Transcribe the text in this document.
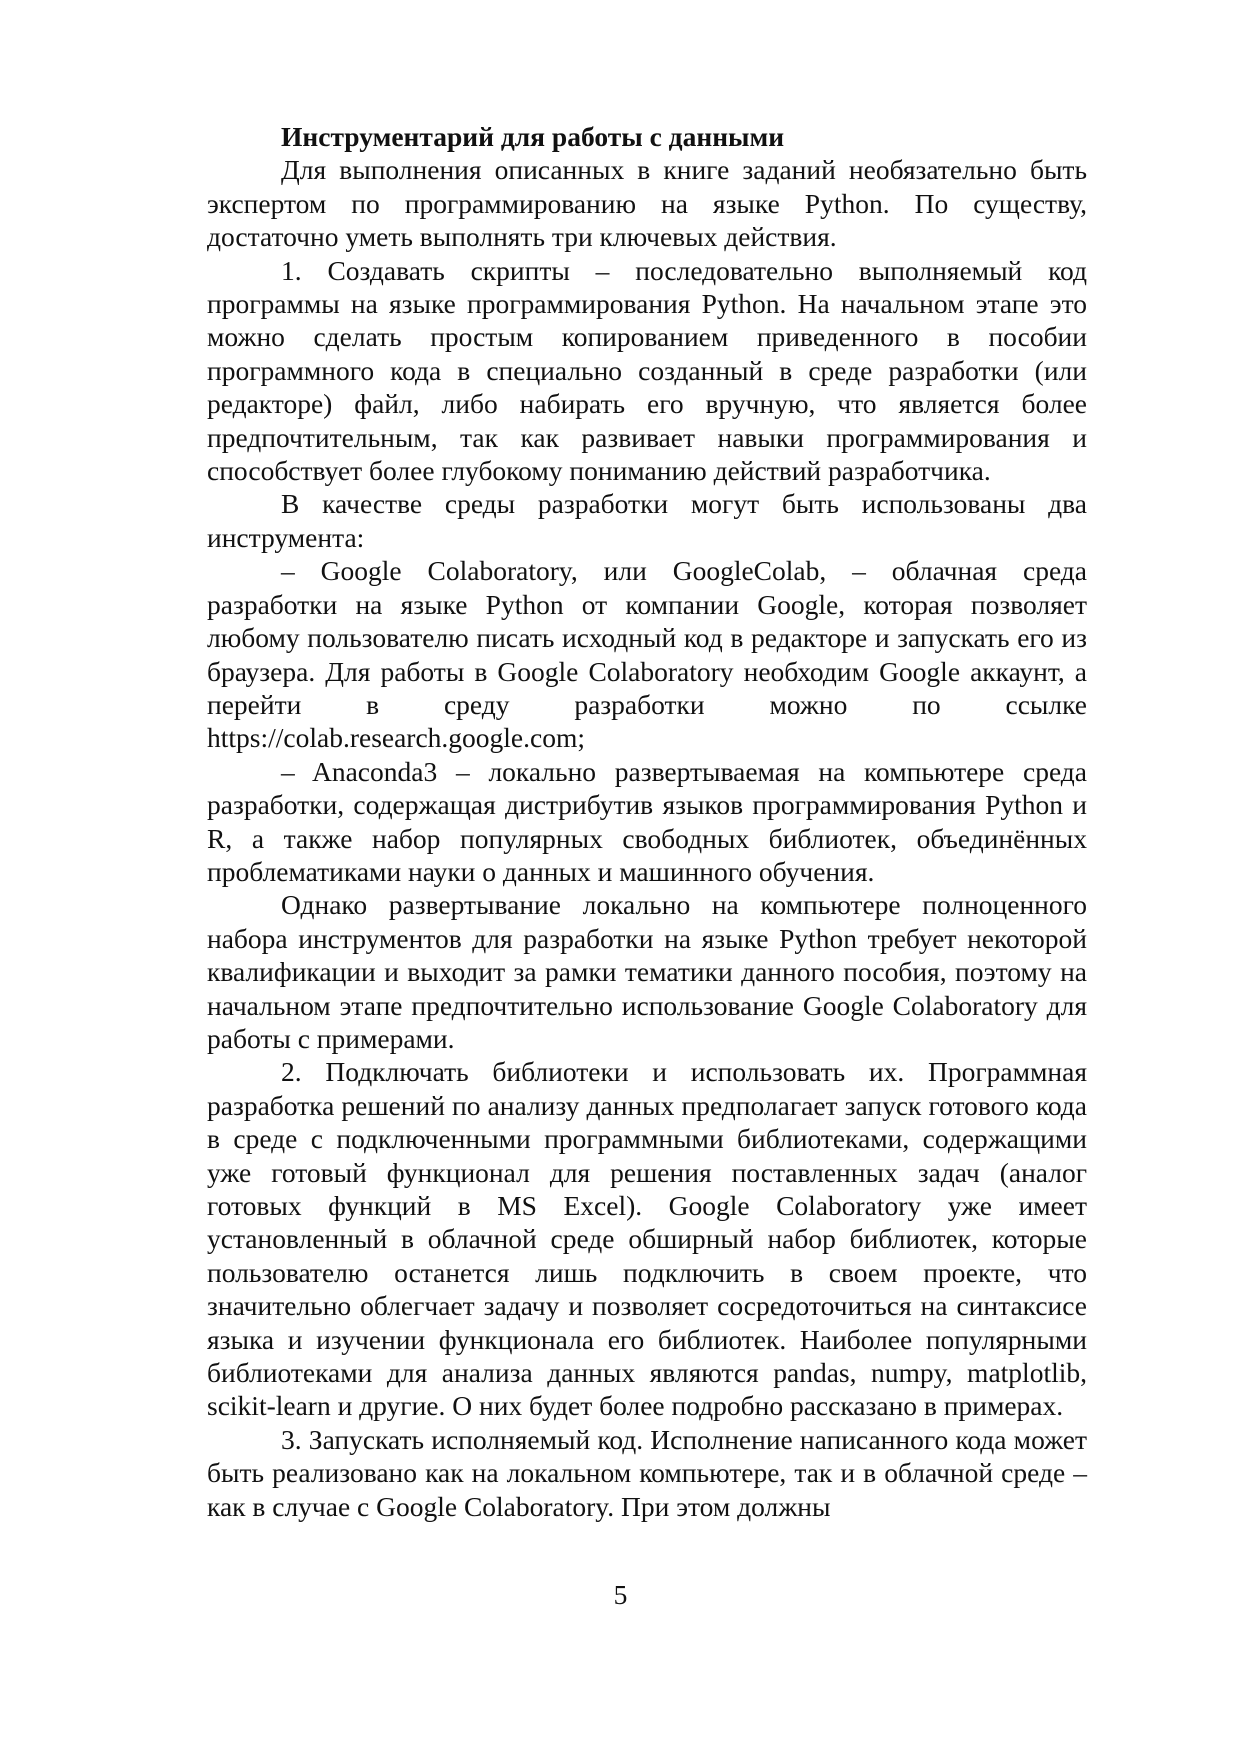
Инструментарий для работы с данными

Для выполнения описанных в книге заданий необязательно быть экспертом по программированию на языке Python. По существу, достаточно уметь выполнять три ключевых действия.

1. Создавать скрипты – последовательно выполняемый код программы на языке программирования Python. На начальном этапе это можно сделать простым копированием приведенного в пособии программного кода в специально созданный в среде разработки (или редакторе) файл, либо набирать его вручную, что является более предпочтительным, так как развивает навыки программирования и способствует более глубокому пониманию действий разработчика.

В качестве среды разработки могут быть использованы два инструмента:

– Google Colaboratory, или GoogleColab, – облачная среда разработки на языке Python от компании Google, которая позволяет любому пользователю писать исходный код в редакторе и запускать его из браузера. Для работы в Google Colaboratory необходим Google аккаунт, а перейти в среду разработки можно по ссылке https://colab.research.google.com;

– Anaconda3 – локально развертываемая на компьютере среда разработки, содержащая дистрибутив языков программирования Python и R, а также набор популярных свободных библиотек, объединённых проблематиками науки о данных и машинного обучения.

Однако развертывание локально на компьютере полноценного набора инструментов для разработки на языке Python требует некоторой квалификации и выходит за рамки тематики данного пособия, поэтому на начальном этапе предпочтительно использование Google Colaboratory для работы с примерами.

2. Подключать библиотеки и использовать их. Программная разработка решений по анализу данных предполагает запуск готового кода в среде с подключенными программными библиотеками, содержащими уже готовый функционал для решения поставленных задач (аналог готовых функций в MS Excel). Google Colaboratory уже имеет установленный в облачной среде обширный набор библиотек, которые пользователю останется лишь подключить в своем проекте, что значительно облегчает задачу и позволяет сосредоточиться на синтаксисе языка и изучении функционала его библиотек. Наиболее популярными библиотеками для анализа данных являются pandas, numpy, matplotlib, scikit-learn и другие. О них будет более подробно рассказано в примерах.

3. Запускать исполняемый код. Исполнение написанного кода может быть реализовано как на локальном компьютере, так и в облачной среде – как в случае с Google Colaboratory. При этом должны

5
